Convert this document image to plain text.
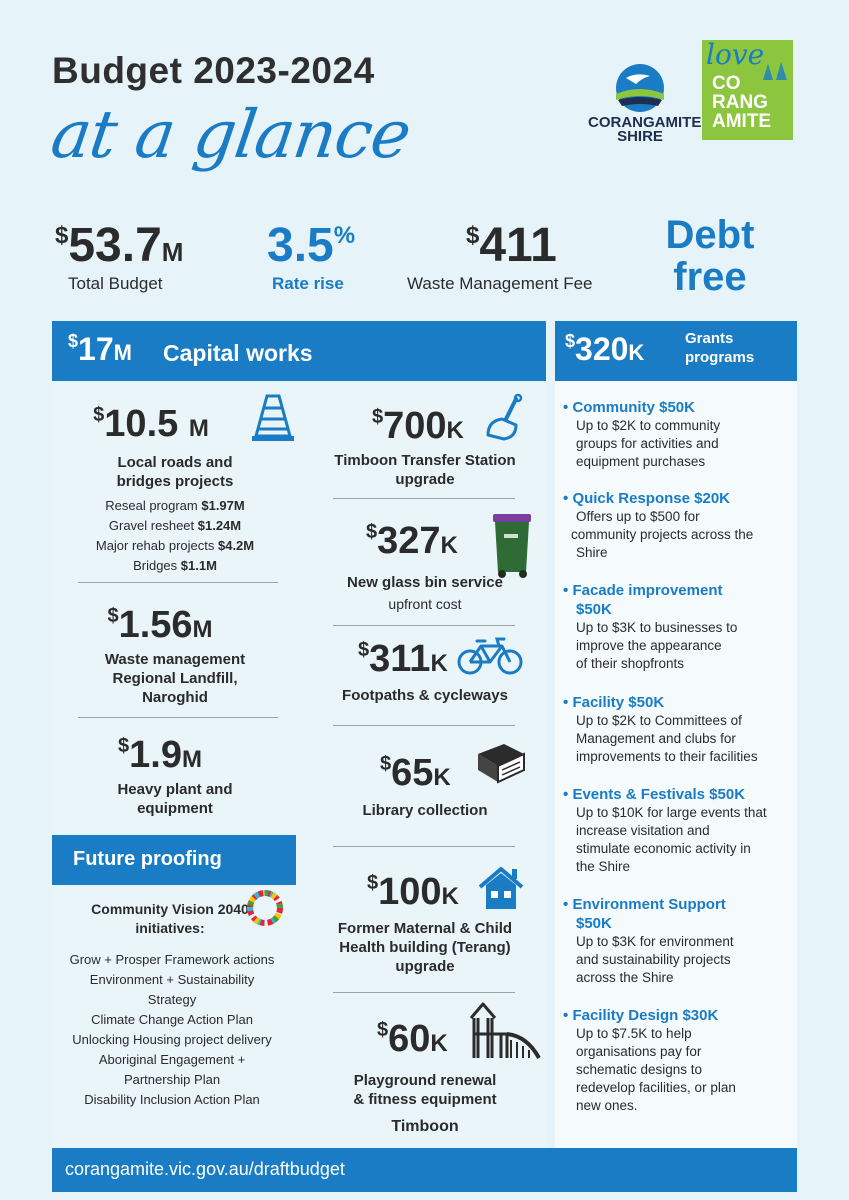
Budget 2023-2024
at a glance	CORANGAMITE
SHIRE
love
CO
RANG
AMITE
$53.7M
Total Budget
3.5%
Rate rise
$411
Waste Management Fee
Debt
free
$17M Capital works
$10.5 M
Local roads and
bridges projects
Reseal program $1.97M
Gravel resheet $1.24M
Major rehab projects $4.2M
Bridges $1.1M
$1.56M
Waste management
Regional Landfill,
Naroghid
$1.9M
Heavy plant and
equipment
Future proofing
Community Vision 2040
initiatives:
Grow + Prosper Framework actions
Environment + Sustainability
Strategy
Climate Change Action Plan
Unlocking Housing project delivery
Aboriginal Engagement +
Partnership Plan
Disability Inclusion Action Plan
$700K
Timboon Transfer Station
upgrade
$327K
New glass bin service
upfront cost
$311K
Footpaths & cycleways
$65K
Library collection
$100K
Former Maternal & Child
Health building (Terang)
upgrade
$60K
Playground renewal
& fitness equipment
Timboon
$320K
Grants
programs
• Community $50K
Up to $2K to community
groups for activities and
equipment purchases
• Quick Response $20K
Offers up to $500 for
community projects across the
Shire
• Facade improvement
$50K
Up to $3K to businesses to
improve the appearance
of their shopfronts
• Facility $50K
Up to $2K to Committees of
Management and clubs for
improvements to their facilities
• Events & Festivals $50K
Up to $10K for large events that
increase visitation and
stimulate economic activity in
the Shire
• Environment Support
$50K
Up to $3K for environment
and sustainability projects
across the Shire
• Facility Design $30K
Up to $7.5K to help
organisations pay for
schematic designs to
redevelop facilities, or plan
new ones.
corangamite.vic.gov.au/draftbudget
